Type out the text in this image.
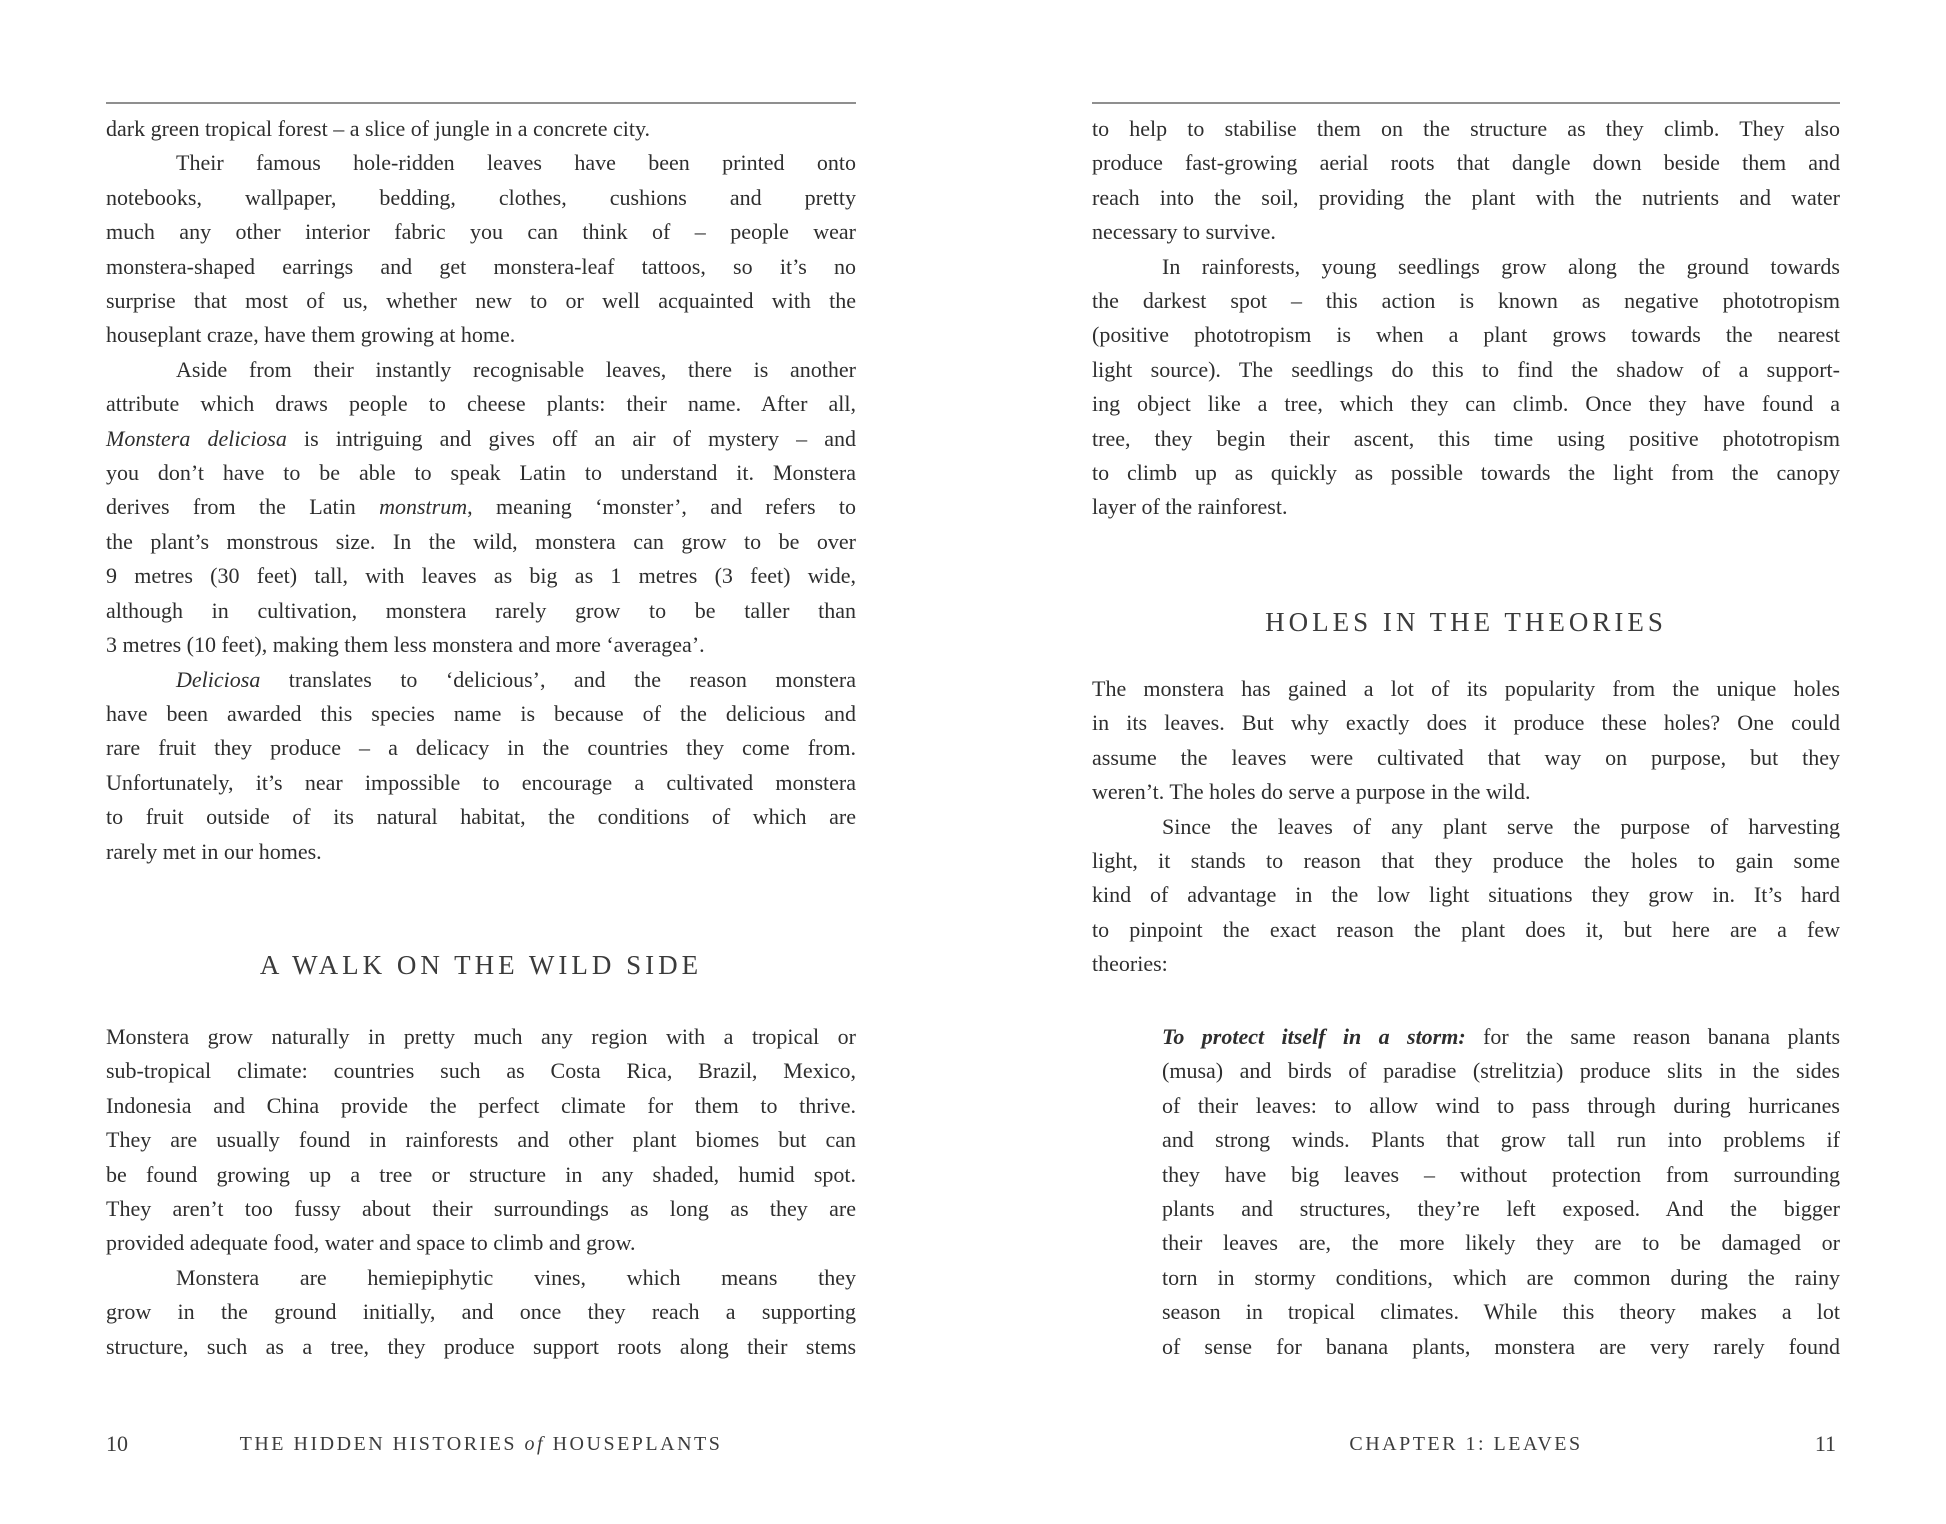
dark green tropical forest – a slice of jungle in a concrete city.
Their famous hole-ridden leaves have been printed onto
notebooks, wallpaper, bedding, clothes, cushions and pretty
much any other interior fabric you can think of – people wear
monstera-shaped earrings and get monstera-leaf tattoos, so it’s no
surprise that most of us, whether new to or well acquainted with the
houseplant craze, have them growing at home.
Aside from their instantly recognisable leaves, there is another
attribute which draws people to cheese plants: their name. After all,
Monstera deliciosa is intriguing and gives off an air of mystery – and
you don’t have to be able to speak Latin to understand it. Monstera
derives from the Latin monstrum, meaning ‘monster’, and refers to
the plant’s monstrous size. In the wild, monstera can grow to be over
9 metres (30 feet) tall, with leaves as big as 1 metres (3 feet) wide,
although in cultivation, monstera rarely grow to be taller than
3 metres (10 feet), making them less monstera and more ‘averagea’.
Deliciosa translates to ‘delicious’, and the reason monstera
have been awarded this species name is because of the delicious and
rare fruit they produce – a delicacy in the countries they come from.
Unfortunately, it’s near impossible to encourage a cultivated monstera
to fruit outside of its natural habitat, the conditions of which are
rarely met in our homes.
A WALK ON THE WILD SIDE
Monstera grow naturally in pretty much any region with a tropical or
sub-tropical climate: countries such as Costa Rica, Brazil, Mexico,
Indonesia and China provide the perfect climate for them to thrive.
They are usually found in rainforests and other plant biomes but can
be found growing up a tree or structure in any shaded, humid spot.
They aren’t too fussy about their surroundings as long as they are
provided adequate food, water and space to climb and grow.
Monstera are hemiepiphytic vines, which means they
grow in the ground initially, and once they reach a supporting
structure, such as a tree, they produce support roots along their stems
10	THE HIDDEN HISTORIES of HOUSEPLANTS
to help to stabilise them on the structure as they climb. They also
produce fast-growing aerial roots that dangle down beside them and
reach into the soil, providing the plant with the nutrients and water
necessary to survive.
In rainforests, young seedlings grow along the ground towards
the darkest spot – this action is known as negative phototropism
(positive phototropism is when a plant grows towards the nearest
light source). The seedlings do this to find the shadow of a support-
ing object like a tree, which they can climb. Once they have found a
tree, they begin their ascent, this time using positive phototropism
to climb up as quickly as possible towards the light from the canopy
layer of the rainforest.
HOLES IN THE THEORIES
The monstera has gained a lot of its popularity from the unique holes
in its leaves. But why exactly does it produce these holes? One could
assume the leaves were cultivated that way on purpose, but they
weren’t. The holes do serve a purpose in the wild.
Since the leaves of any plant serve the purpose of harvesting
light, it stands to reason that they produce the holes to gain some
kind of advantage in the low light situations they grow in. It’s hard
to pinpoint the exact reason the plant does it, but here are a few
theories:
To protect itself in a storm: for the same reason banana plants
(musa) and birds of paradise (strelitzia) produce slits in the sides
of their leaves: to allow wind to pass through during hurricanes
and strong winds. Plants that grow tall run into problems if
they have big leaves – without protection from surrounding
plants and structures, they’re left exposed. And the bigger
their leaves are, the more likely they are to be damaged or
torn in stormy conditions, which are common during the rainy
season in tropical climates. While this theory makes a lot
of sense for banana plants, monstera are very rarely found
CHAPTER 1: LEAVES	11
